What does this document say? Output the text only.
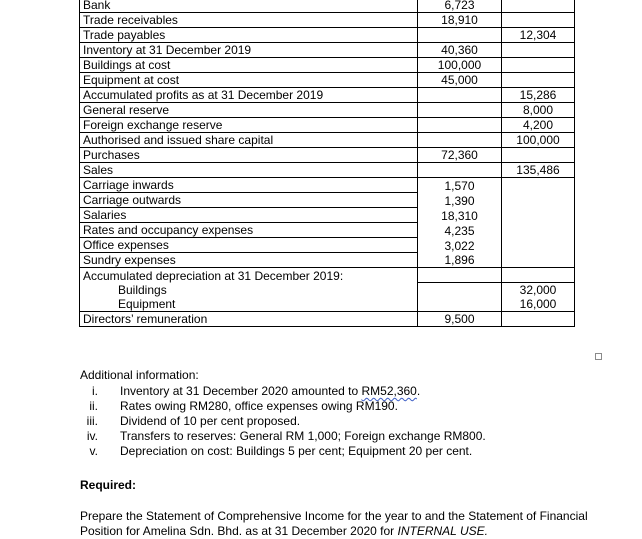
Bank	6,723	
Trade receivables	18,910	
Trade payables		12,304
Inventory at 31 December 2019	40,360	
Buildings at cost	100,000	
Equipment at cost	45,000	
Accumulated profits as at 31 December 2019		15,286
General reserve		8,000
Foreign exchange reserve		4,200
Authorised and issued share capital		100,000
Purchases	72,360	
Sales		135,486
Carriage inwards	1,570	
Carriage outwards	1,390	
Salaries	18,310	
Rates and occupancy expenses	4,235	
Office expenses	3,022	
Sundry expenses	1,896	
Accumulated depreciation at 31 December 2019:		
Buildings		32,000
Equipment		16,000
Directors’ remuneration	9,500	
Additional information:
i. Inventory at 31 December 2020 amounted to RM52,360.
ii. Rates owing RM280, office expenses owing RM190.
iii. Dividend of 10 per cent proposed.
iv. Transfers to reserves: General RM 1,000; Foreign exchange RM800.
v. Depreciation on cost: Buildings 5 per cent; Equipment 20 per cent.
Required:
Prepare the Statement of Comprehensive Income for the year to and the Statement of Financial Position for Amelina Sdn. Bhd. as at 31 December 2020 for INTERNAL USE.
